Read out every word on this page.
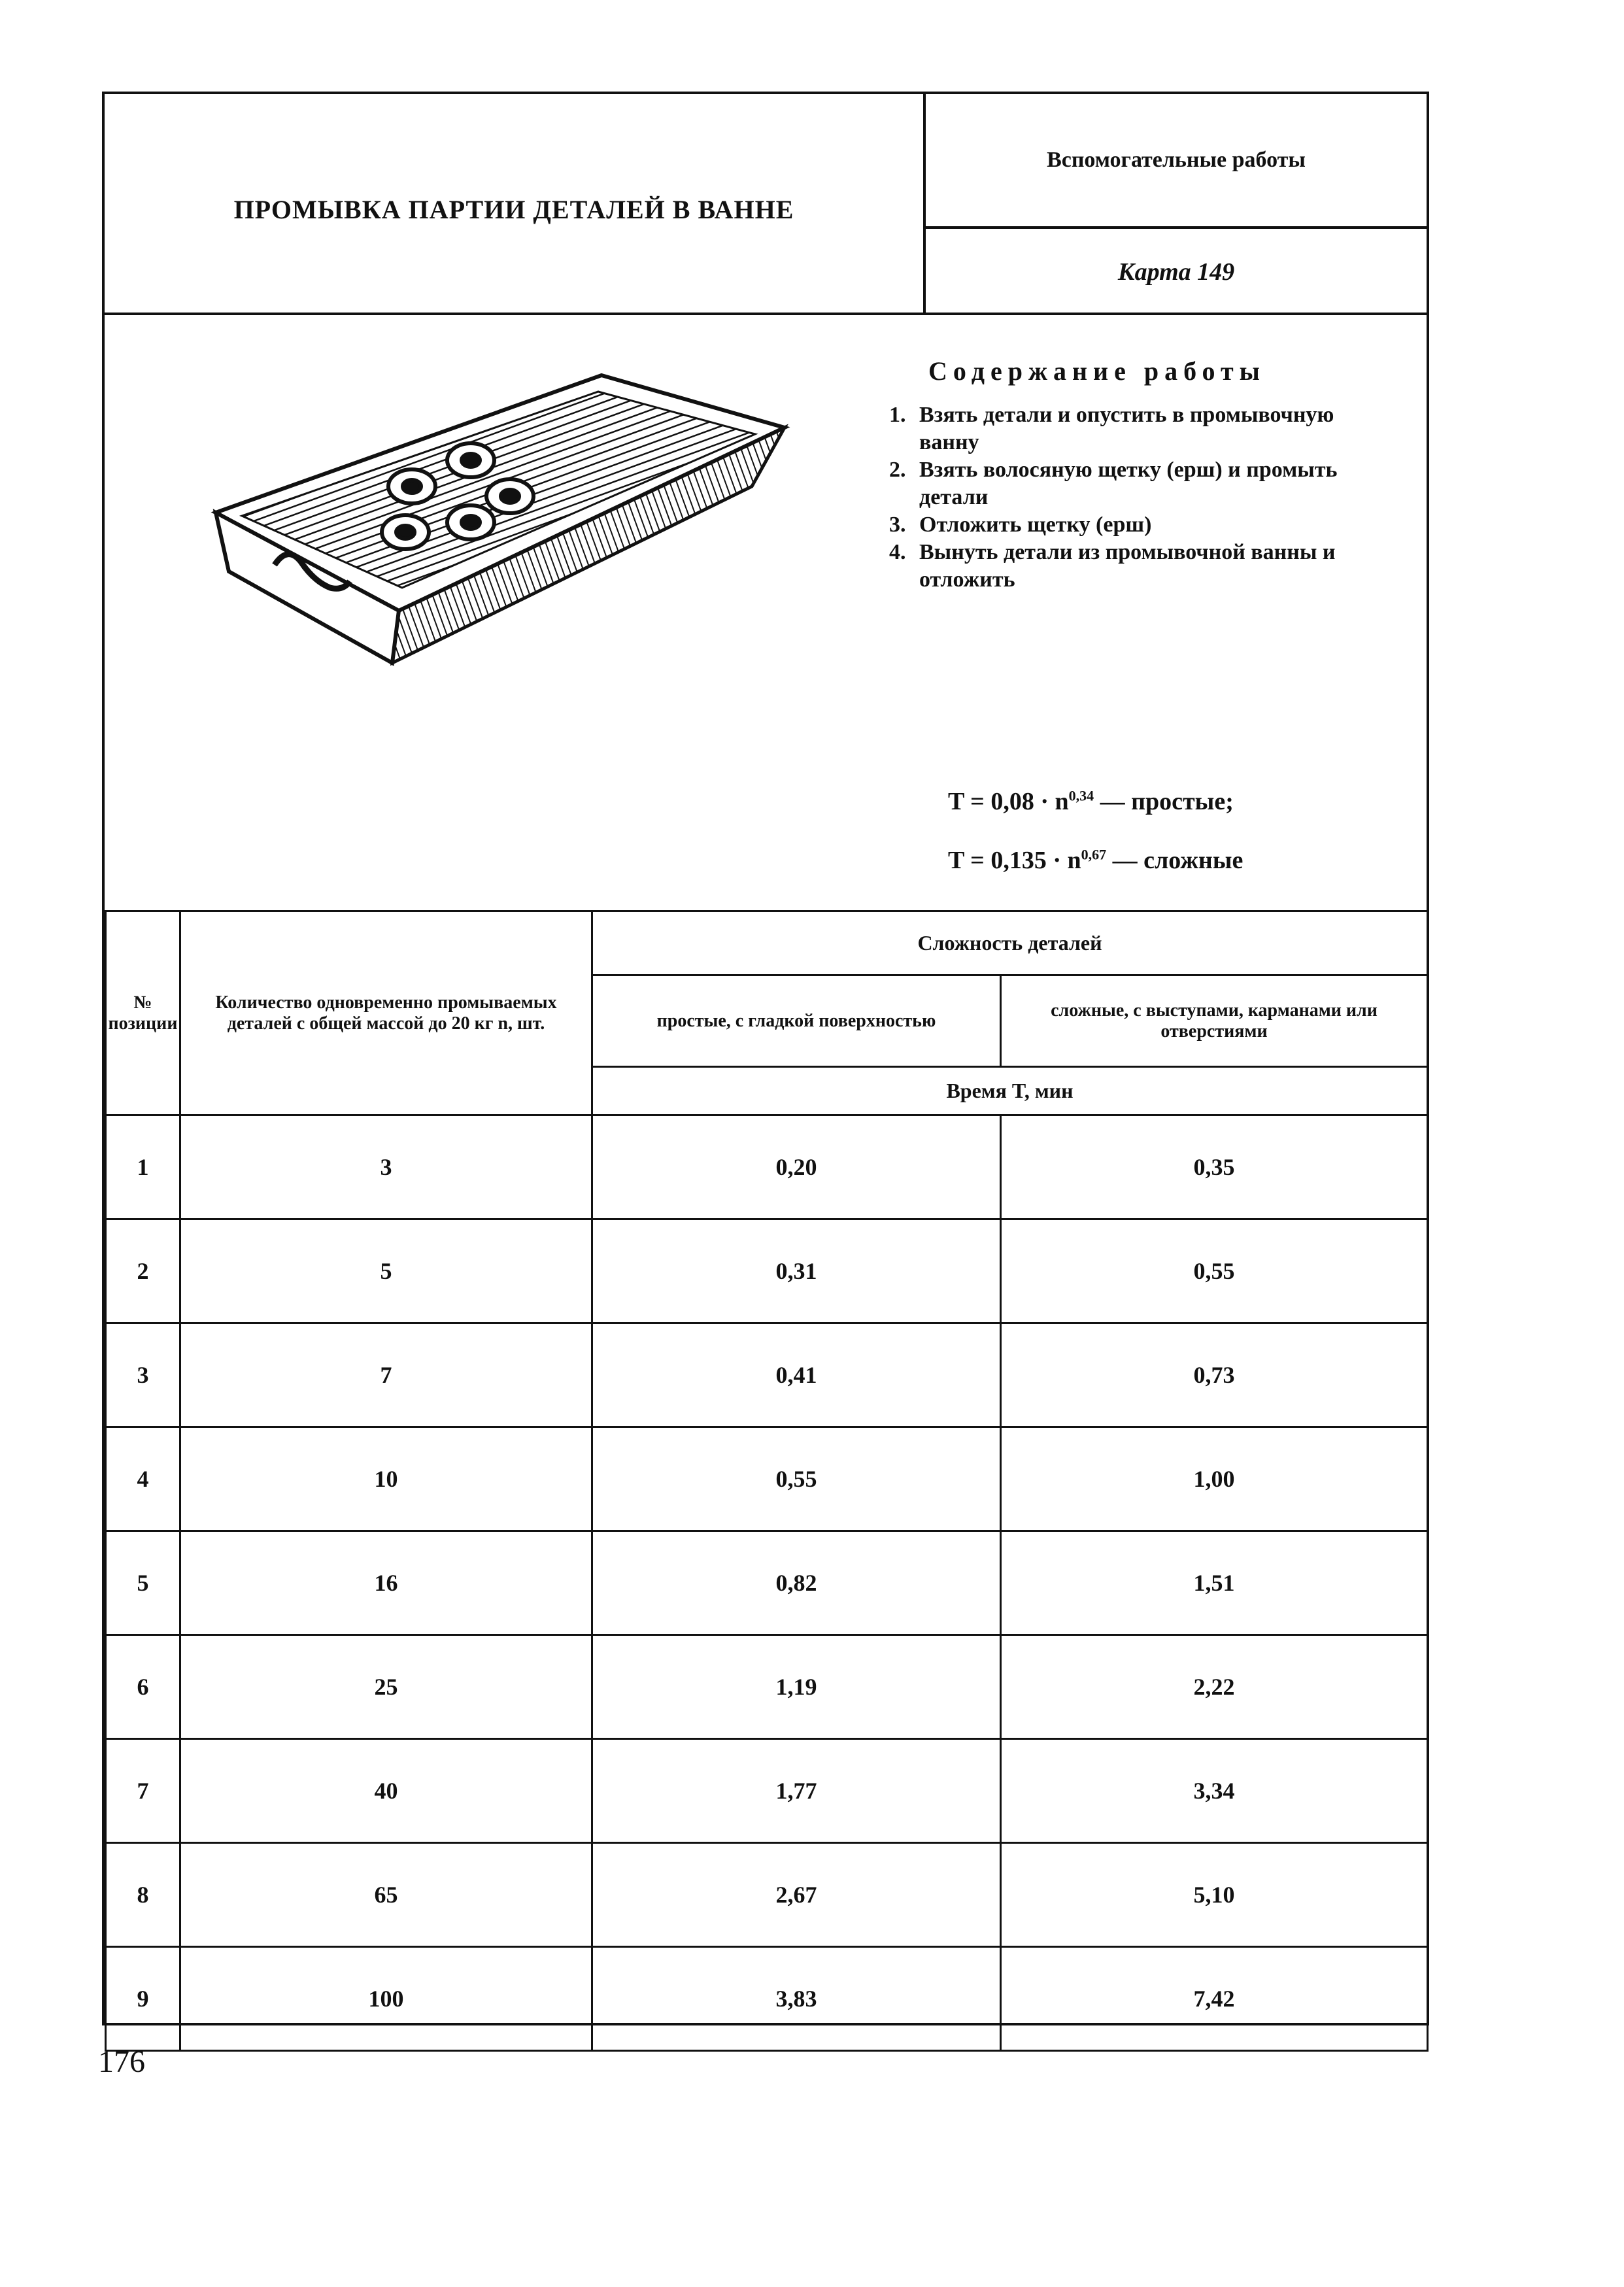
ПРОМЫВКА ПАРТИИ ДЕТАЛЕЙ В ВАННЕ
Вспомогательные работы
Карта 149
Содержание работы
1. Взять детали и опустить в промывочную ванну
2. Взять волосяную щетку (ерш) и промыть детали
3. Отложить щетку (ерш)
4. Вынуть детали из промывочной ванны и отложить
$T = 0,08 \cdot n^{0,34}$ — простые;
$T = 0,135 \cdot n^{0,67}$ — сложные
№ позиции	Количество одновременно промываемых деталей с общей массой до 20 кг n, шт.	Сложность деталей	
		простые, с гладкой поверхностью	сложные, с выступами, карманами или отверстиями
		Время T, мин	
1	3	0,20	0,35
2	5	0,31	0,55
3	7	0,41	0,73
4	10	0,55	1,00
5	16	0,82	1,51
6	25	1,19	2,22
7	40	1,77	3,34
8	65	2,67	5,10
9	100	3,83	7,42
176
